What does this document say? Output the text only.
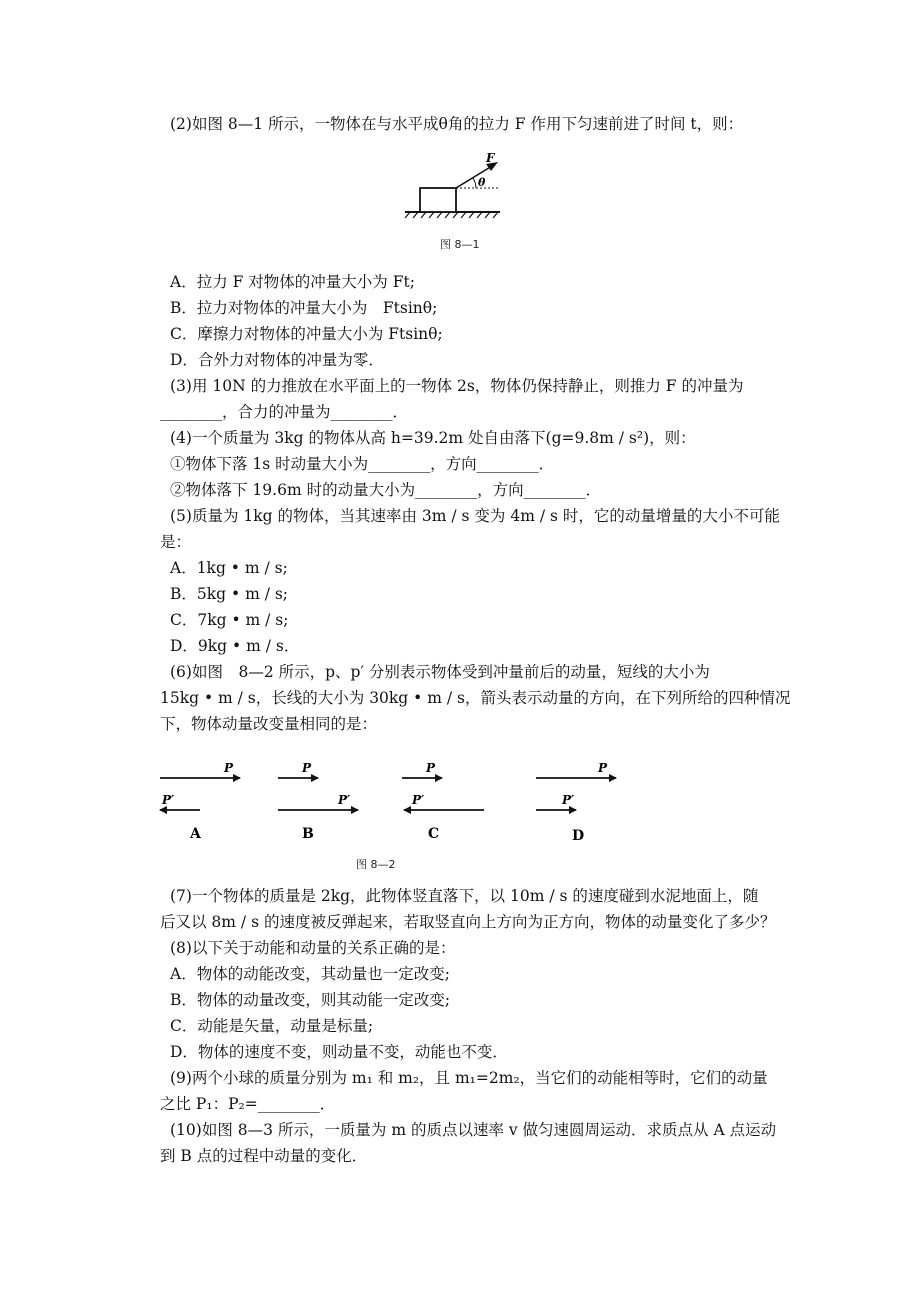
(2)如图 8—1 所示，一物体在与水平成θ角的拉力 F 作用下匀速前进了时间 t，则：
F
θ
图 8—1
A．拉力 F 对物体的冲量大小为 Ft;
B．拉力对物体的冲量大小为　Ftsinθ;
C．摩擦力对物体的冲量大小为 Ftsinθ;
D．合外力对物体的冲量为零．
(3)用 10N 的力推放在水平面上的一物体 2s，物体仍保持静止，则推力 F 的冲量为
________，合力的冲量为________．
(4)一个质量为 3kg 的物体从高 h=39.2m 处自由落下(g=9.8m / s²)，则：
①物体下落 1s 时动量大小为________，方向________．
②物体落下 19.6m 时的动量大小为________，方向________．
(5)质量为 1kg 的物体，当其速率由 3m / s 变为 4m / s 时，它的动量增量的大小不可能
是：
A．1kg • m / s;
B．5kg • m / s;
C．7kg • m / s;
D．9kg • m / s．
(6)如图　8—2 所示，p、p′ 分别表示物体受到冲量前后的动量，短线的大小为
15kg • m / s，长线的大小为 30kg • m / s，箭头表示动量的方向，在下列所给的四种情况
下，物体动量改变量相同的是：
P
P′
A
P
P′
B
P
P′
C
P
P′
D
图 8—2
(7)一个物体的质量是 2kg，此物体竖直落下，以 10m / s 的速度碰到水泥地面上，随
后又以 8m / s 的速度被反弹起来，若取竖直向上方向为正方向，物体的动量变化了多少？
(8)以下关于动能和动量的关系正确的是：
A．物体的动能改变，其动量也一定改变;
B．物体的动量改变，则其动能一定改变;
C．动能是矢量，动量是标量;
D．物体的速度不变，则动量不变，动能也不变．
(9)两个小球的质量分别为 m₁ 和 m₂，且 m₁=2m₂，当它们的动能相等时，它们的动量
之比 P₁：P₂=________．
(10)如图 8—3 所示，一质量为 m 的质点以速率 v 做匀速圆周运动．求质点从 A 点运动
到 B 点的过程中动量的变化．
